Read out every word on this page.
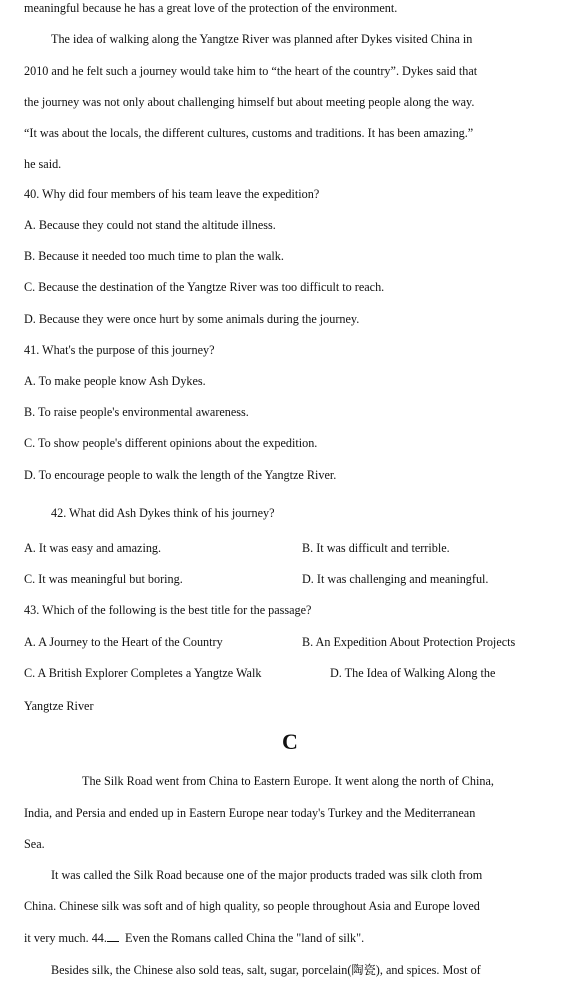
meaningful because he has a great love of the protection of the environment.
The idea of walking along the Yangtze River was planned after Dykes visited China in
2010 and he felt such a journey would take him to “the heart of the country”. Dykes said that
the journey was not only about challenging himself but about meeting people along the way.
“It was about the locals, the different cultures, customs and traditions. It has been amazing.”
he said.
40. Why did four members of his team leave the expedition?
A. Because they could not stand the altitude illness.
B. Because it needed too much time to plan the walk.
C. Because the destination of the Yangtze River was too difficult to reach.
D. Because they were once hurt by some animals during the journey.
41. What's the purpose of this journey?
A. To make people know Ash Dykes.
B. To raise people's environmental awareness.
C. To show people's different opinions about the expedition.
D. To encourage people to walk the length of the Yangtze River.
42. What did Ash Dykes think of his journey?
A. It was easy and amazing.	B. It was difficult and terrible.
C. It was meaningful but boring.	D. It was challenging and meaningful.
43. Which of the following is the best title for the passage?
A. A Journey to the Heart of the Country	B. An Expedition About Protection Projects
C. A British Explorer Completes a Yangtze Walk	D. The Idea of Walking Along the
Yangtze River
C
The Silk Road went from China to Eastern Europe. It went along the north of China,
India, and Persia and ended up in Eastern Europe near today's Turkey and the Mediterranean
Sea.
It was called the Silk Road because one of the major products traded was silk cloth from
China. Chinese silk was soft and of high quality, so people throughout Asia and Europe loved
it very much. 44. Even the Romans called China the "land of silk".
Besides silk, the Chinese also sold teas, salt, sugar, porcelain(陶瓷), and spices. Most of
